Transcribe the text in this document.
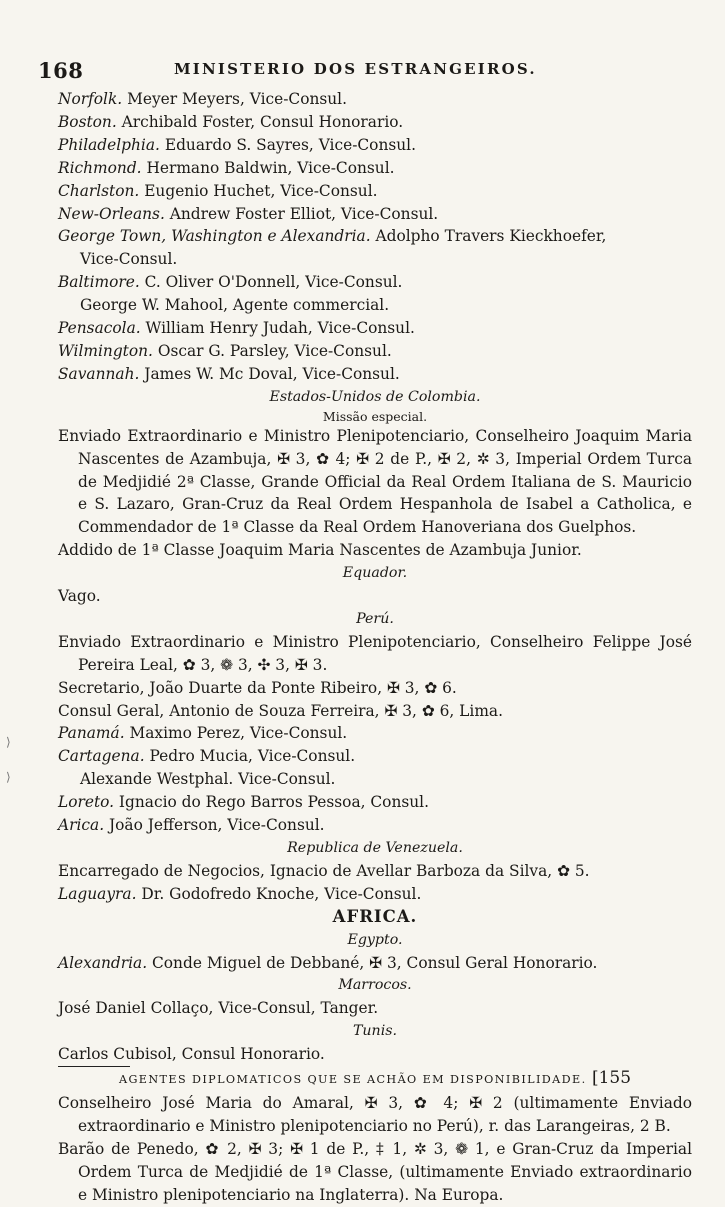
168	MINISTERIO DOS ESTRANGEIROS.
Norfolk. Meyer Meyers, Vice-Consul.
Boston. Archibald Foster, Consul Honorario.
Philadelphia. Eduardo S. Sayres, Vice-Consul.
Richmond. Hermano Baldwin, Vice-Consul.
Charlston. Eugenio Huchet, Vice-Consul.
New-Orleans. Andrew Foster Elliot, Vice-Consul.
George Town, Washington e Alexandria. Adolpho Travers Kieckhoefer,
Vice-Consul.
Baltimore. C. Oliver O'Donnell, Vice-Consul.
George W. Mahool, Agente commercial.
Pensacola. William Henry Judah, Vice-Consul.
Wilmington. Oscar G. Parsley, Vice-Consul.
Savannah. James W. Mc Doval, Vice-Consul.
Estados-Unidos de Colombia.
Missão especial.
Enviado Extraordinario e Ministro Plenipotenciario, Conselheiro Joaquim Maria Nascentes de Azambuja, ✠ 3, ✿ 4; ✠ 2 de P., ✠ 2, ✲ 3, Imperial Ordem Turca de Medjidié 2ª Classe, Grande Official da Real Ordem Italiana de S. Mauricio e S. Lazaro, Gran-Cruz da Real Ordem Hespanhola de Isabel a Catholica, e Commendador de 1ª Classe da Real Ordem Hanoveriana dos Guelphos.
Addido de 1ª Classe Joaquim Maria Nascentes de Azambuja Junior.
Equador.
Vago.
Perú.
Enviado Extraordinario e Ministro Plenipotenciario, Conselheiro Felippe José Pereira Leal, ✿ 3, ❁ 3, ✣ 3, ✠ 3.
Secretario, João Duarte da Ponte Ribeiro, ✠ 3, ✿ 6.
Consul Geral, Antonio de Souza Ferreira, ✠ 3, ✿ 6, Lima.
Panamá. Maximo Perez, Vice-Consul.
Cartagena. Pedro Mucia, Vice-Consul.
Alexande Westphal. Vice-Consul.
Loreto. Ignacio do Rego Barros Pessoa, Consul.
Arica. João Jefferson, Vice-Consul.
Republica de Venezuela.
Encarregado de Negocios, Ignacio de Avellar Barboza da Silva, ✿ 5.
Laguayra. Dr. Godofredo Knoche, Vice-Consul.
AFRICA.
Egypto.
Alexandria. Conde Miguel de Debbané, ✠ 3, Consul Geral Honorario.
Marrocos.
José Daniel Collaço, Vice-Consul, Tanger.
Tunis.
Carlos Cubisol, Consul Honorario.
AGENTES DIPLOMATICOS QUE SE ACHÃO EM DISPONIBILIDADE. [155
Conselheiro José Maria do Amaral, ✠ 3, ✿ 4; ✠ 2 (ultimamente Enviado extraordinario e Ministro plenipotenciario no Perú), r. das Larangeiras, 2 B.
Barão de Penedo, ✿ 2, ✠ 3; ✠ 1 de P., ‡ 1, ✲ 3, ❁ 1, e Gran-Cruz da Imperial Ordem Turca de Medjidié de 1ª Classe, (ultimamente Enviado extraordinario e Ministro plenipotenciario na Inglaterra). Na Europa.
⟩
⟩
